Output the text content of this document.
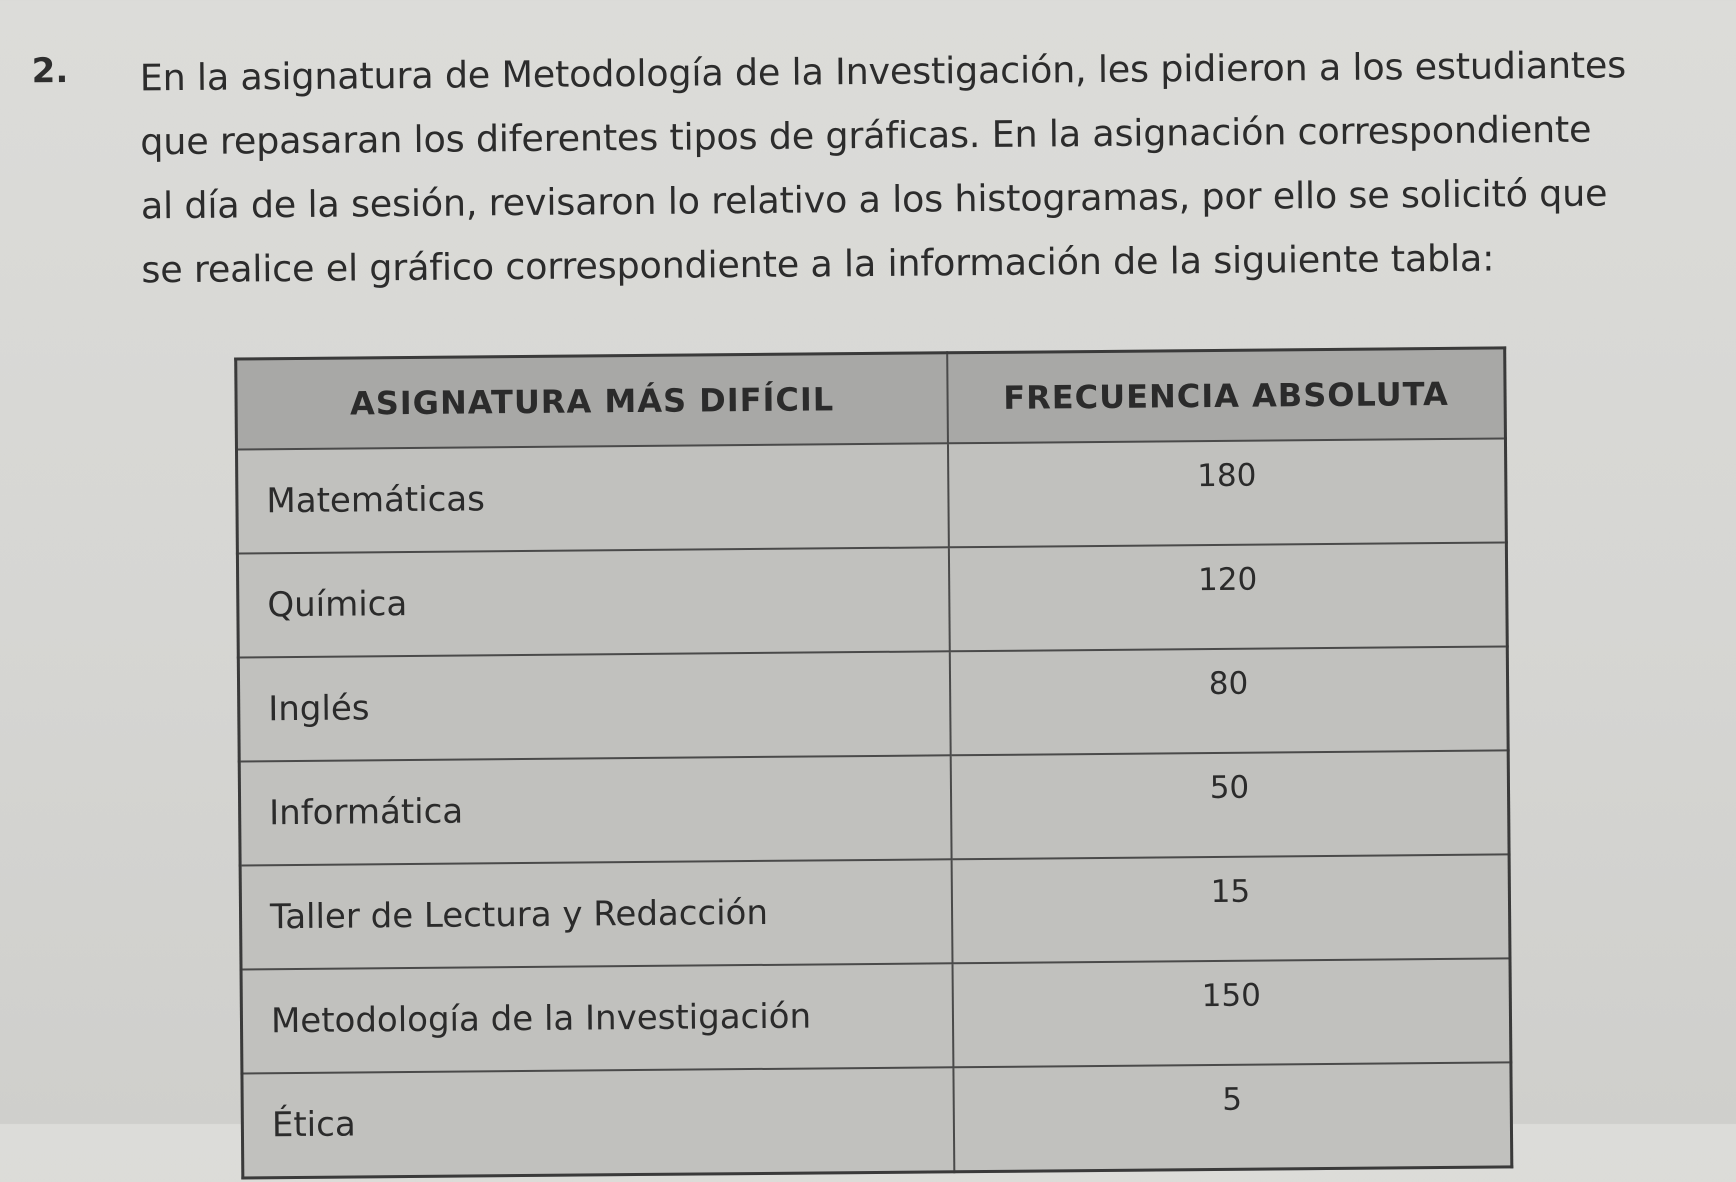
2. En la asignatura de Metodología de la Investigación, les pidieron a los estudiantes
que repasaran los diferentes tipos de gráficas. En la asignación correspondiente
al día de la sesión, revisaron lo relativo a los histogramas, por ello se solicitó que
se realice el gráfico correspondiente a la información de la siguiente tabla:
ASIGNATURA MÁS DIFÍCIL	FRECUENCIA ABSOLUTA
Matemáticas	180
Química	120
Inglés	80
Informática	50
Taller de Lectura y Redacción	15
Metodología de la Investigación	150
Ética	5
